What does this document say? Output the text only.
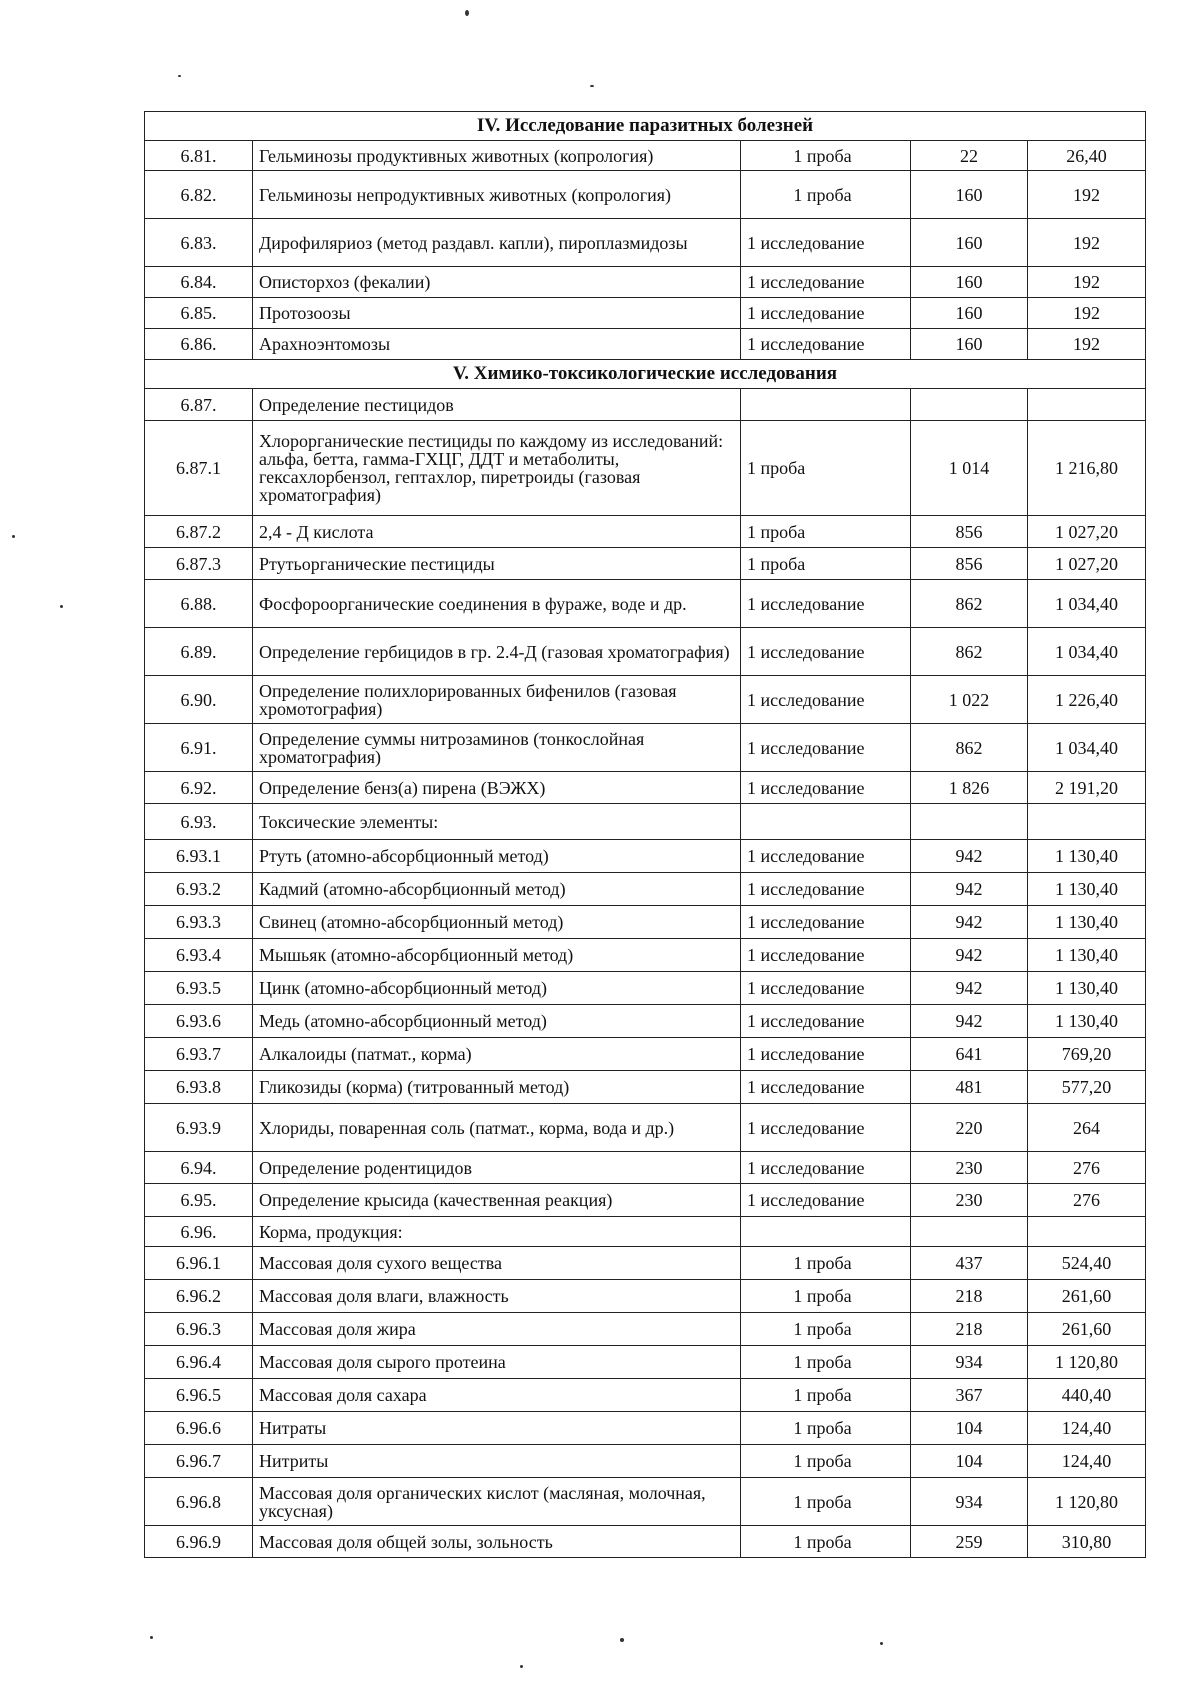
IV. Исследование паразитных болезней				
6.81.	Гельминозы продуктивных животных (копрология)	1 проба	22	26,40
6.82.	Гельминозы непродуктивных животных (копрология)	1 проба	160	192
6.83.	Дирофиляриоз (метод раздавл. капли), пироплазмидозы	1 исследование	160	192
6.84.	Описторхоз (фекалии)	1 исследование	160	192
6.85.	Протозоозы	1 исследование	160	192
6.86.	Арахноэнтомозы	1 исследование	160	192
V. Химико-токсикологические исследования				
6.87.	Определение пестицидов			
6.87.1	Хлорорганические пестициды по каждому из исследований: альфа, бетта, гамма-ГХЦГ, ДДТ и метаболиты, гексахлорбензол, гептахлор, пиретроиды (газовая хроматография)	1 проба	1 014	1 216,80
6.87.2	2,4 - Д кислота	1 проба	856	1 027,20
6.87.3	Ртутьорганические пестициды	1 проба	856	1 027,20
6.88.	Фосфороорганические соединения в фураже, воде и др.	1 исследование	862	1 034,40
6.89.	Определение гербицидов в гр. 2.4-Д (газовая хроматография)	1 исследование	862	1 034,40
6.90.	Определение полихлорированных бифенилов (газовая хромотография)	1 исследование	1 022	1 226,40
6.91.	Определение суммы нитрозаминов (тонкослойная хроматография)	1 исследование	862	1 034,40
6.92.	Определение бенз(а) пирена (ВЭЖХ)	1 исследование	1 826	2 191,20
6.93.	Токсические элементы:			
6.93.1	Ртуть (атомно-абсорбционный метод)	1 исследование	942	1 130,40
6.93.2	Кадмий (атомно-абсорбционный метод)	1 исследование	942	1 130,40
6.93.3	Свинец (атомно-абсорбционный метод)	1 исследование	942	1 130,40
6.93.4	Мышьяк (атомно-абсорбционный метод)	1 исследование	942	1 130,40
6.93.5	Цинк (атомно-абсорбционный метод)	1 исследование	942	1 130,40
6.93.6	Медь (атомно-абсорбционный метод)	1 исследование	942	1 130,40
6.93.7	Алкалоиды (патмат., корма)	1 исследование	641	769,20
6.93.8	Гликозиды (корма) (титрованный метод)	1 исследование	481	577,20
6.93.9	Хлориды, поваренная соль (патмат., корма, вода и др.)	1 исследование	220	264
6.94.	Определение родентицидов	1 исследование	230	276
6.95.	Определение крысида (качественная реакция)	1 исследование	230	276
6.96.	Корма, продукция:			
6.96.1	Массовая доля сухого вещества	1 проба	437	524,40
6.96.2	Массовая доля влаги, влажность	1 проба	218	261,60
6.96.3	Массовая доля жира	1 проба	218	261,60
6.96.4	Массовая доля сырого протеина	1 проба	934	1 120,80
6.96.5	Массовая доля сахара	1 проба	367	440,40
6.96.6	Нитраты	1 проба	104	124,40
6.96.7	Нитриты	1 проба	104	124,40
6.96.8	Массовая доля органических кислот (масляная, молочная, уксусная)	1 проба	934	1 120,80
6.96.9	Массовая доля общей золы, зольность	1 проба	259	310,80
